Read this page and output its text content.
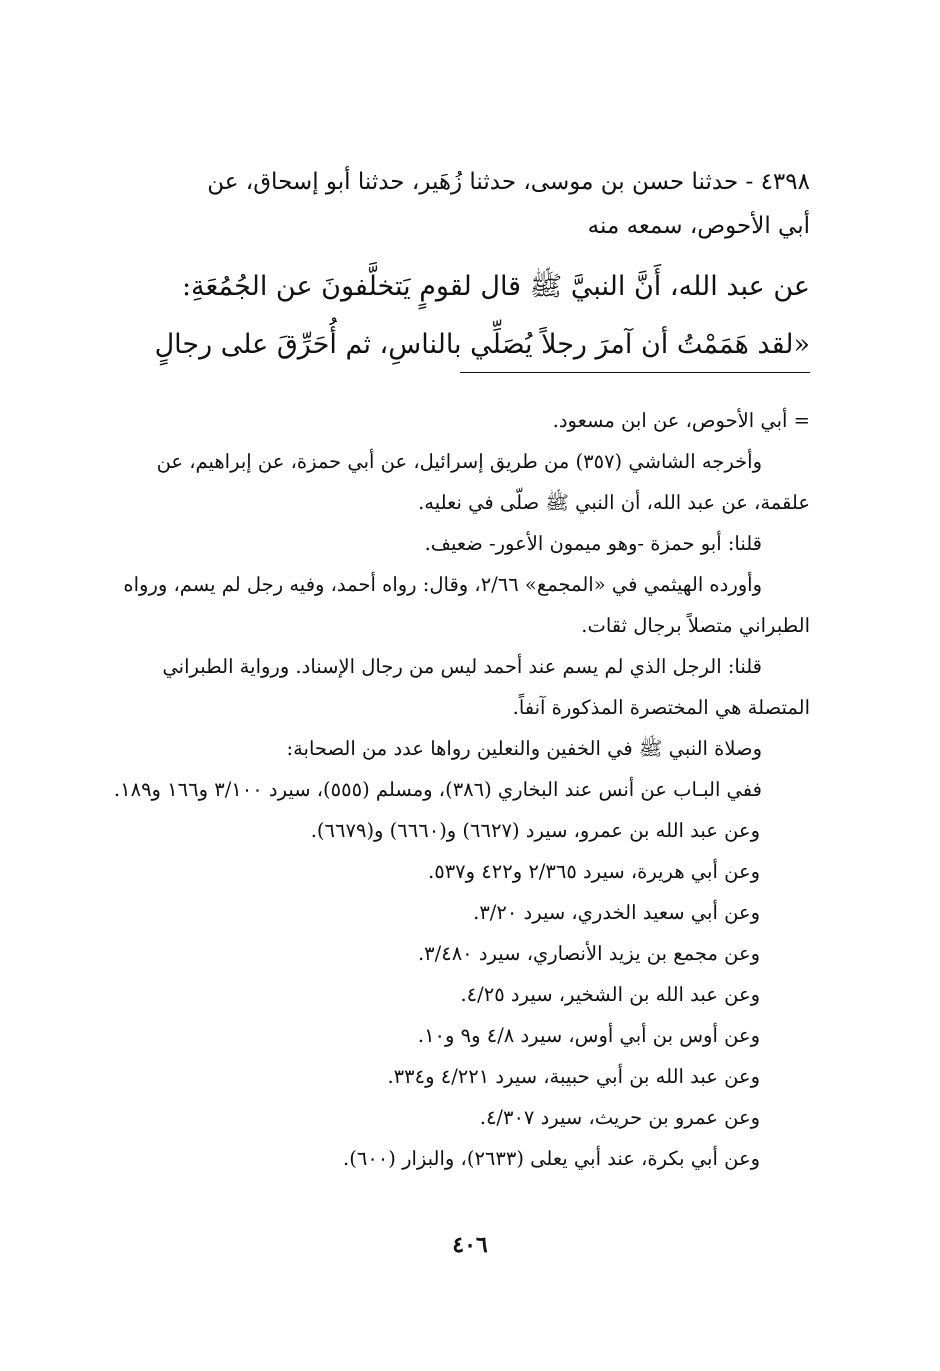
٤٣٩٨ - حدثنا حسن بن موسى، حدثنا زُهَير، حدثنا أبو إسحاق، عن

أبي الأحوص، سمعه منه

عن عبد الله، أَنَّ النبيَّ ﷺ قال لقومٍ يَتخلَّفونَ عن الجُمُعَةِ:

«لقد هَمَمْتُ أن آمرَ رجلاً يُصَلِّي بالناسِ، ثم أُحَرِّقَ على رجالٍ

= أبي الأحوص، عن ابن مسعود.

وأخرجه الشاشي (٣٥٧) من طريق إسرائيل، عن أبي حمزة، عن إبراهيم، عن علقمة، عن عبد الله، أن النبي ﷺ صلّى في نعليه.

قلنا: أبو حمزة -وهو ميمون الأعور- ضعيف.

وأورده الهيثمي في «المجمع» ٢/٦٦، وقال: رواه أحمد، وفيه رجل لم يسم، ورواه الطبراني متصلاً برجال ثقات.

قلنا: الرجل الذي لم يسم عند أحمد ليس من رجال الإسناد. ورواية الطبراني المتصلة هي المختصرة المذكورة آنفاً.

وصلاة النبي ﷺ في الخفين والنعلين رواها عدد من الصحابة:

ففي البـاب عن أنس عند البخاري (٣٨٦)، ومسلم (٥٥٥)، سيرد ٣/١٠٠ و١٦٦ و١٨٩.

وعن عبد الله بن عمرو، سيرد (٦٦٢٧) و(٦٦٦٠) و(٦٦٧٩).

وعن أبي هريرة، سيرد ٢/٣٦٥ و٤٢٢ و٥٣٧.

وعن أبي سعيد الخدري، سيرد ٣/٢٠.

وعن مجمع بن يزيد الأنصاري، سيرد ٣/٤٨٠.

وعن عبد الله بن الشخير، سيرد ٤/٢٥.

وعن أوس بن أبي أوس، سيرد ٤/٨ و٩ و١٠.

وعن عبد الله بن أبي حبيبة، سيرد ٤/٢٢١ و٣٣٤.

وعن عمرو بن حريث، سيرد ٤/٣٠٧.

وعن أبي بكرة، عند أبي يعلى (٢٦٣٣)، والبزار (٦٠٠).

٤٠٦
